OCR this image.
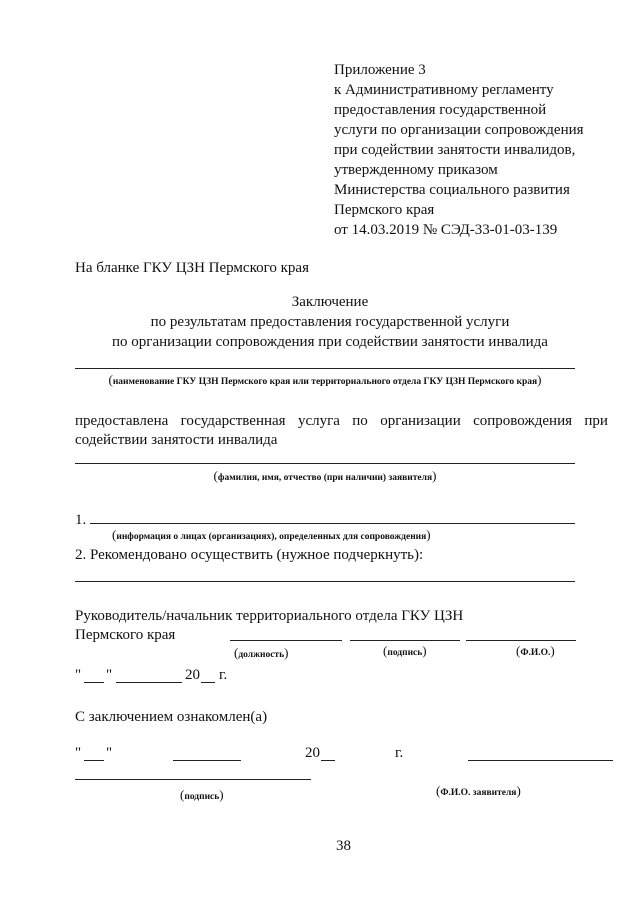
Приложение 3
к Административному регламенту
предоставления государственной
услуги по организации сопровождения
при содействии занятости инвалидов,
утвержденному приказом
Министерства социального развития
Пермского края
от 14.03.2019 № СЭД-33-01-03-139
На бланке ГКУ ЦЗН Пермского края
Заключение
по результатам предоставления государственной услуги
по организации сопровождения при содействии занятости инвалида
(наименование ГКУ ЦЗН Пермского края или территориального отдела ГКУ ЦЗН Пермского края)
предоставлена государственная услуга по организации сопровождения при
содействии занятости инвалида
(фамилия, имя, отчество (при наличии) заявителя)
1.
(информация о лицах (организациях), определенных для сопровождения)
2. Рекомендовано осуществить (нужное подчеркнуть):
Руководитель/начальник территориального отдела ГКУ ЦЗН
Пермского края
(должность)	(подпись)	(Ф.И.О.)
" "	20 г.
С заключением ознакомлен(а)
" "	20	г.
(подпись)	(Ф.И.О. заявителя)
38
